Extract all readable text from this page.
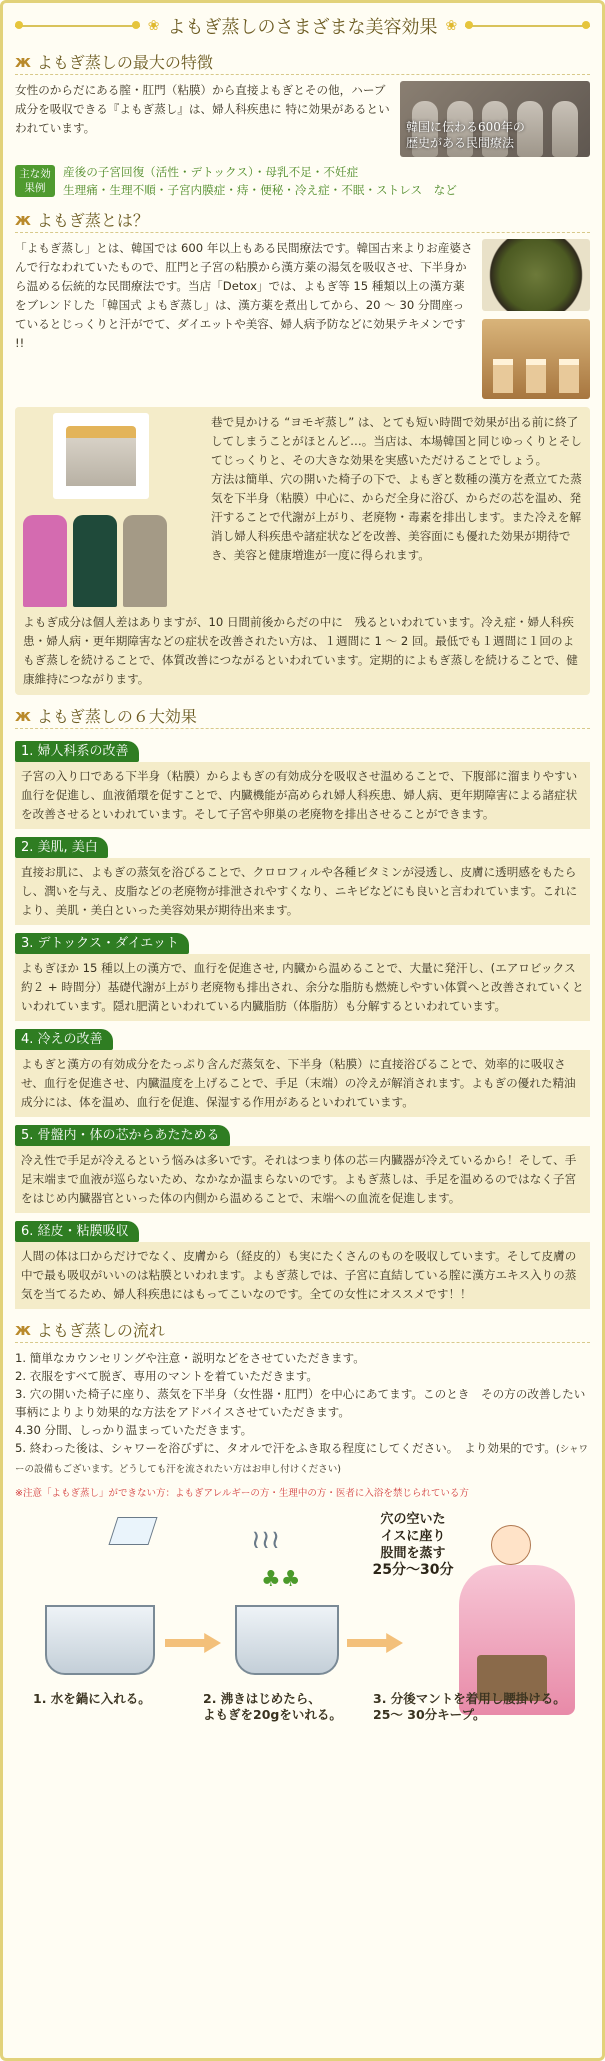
❀ よもぎ蒸しのさまざまな美容効果 ❀
ж よもぎ蒸しの最大の特徴
女性のからだにある膣・肛門（粘膜）から直接よもぎとその他，ハーブ成分を吸収できる『よもぎ蒸し』は、婦人科疾患に 特に効果があるといわれています。	韓国に伝わる600年の
歴史がある民間療法
主な効果例
産後の子宮回復（活性・デトックス）・母乳不足・不妊症
生理痛・生理不順・子宮内膜症・痔・便秘・冷え症・不眠・ストレス　など
ж よもぎ蒸とは？
「よもぎ蒸し」とは、韓国では 600 年以上もある民間療法です。韓国古来よりお産婆さんで行なわれていたもので、肛門と子宮の粘膜から漢方薬の湯気を吸収させ、下半身から温める伝統的な民間療法です。当店「Detox」では、よもぎ等 15 種類以上の漢方薬をブレンドした「韓国式 よもぎ蒸し」は、漢方薬を煮出してから、20 ～ 30 分間座っているとじっくりと汗がでて、ダイエットや美容、婦人病予防などに効果テキメンです !!
巷で見かける “ヨモギ蒸し” は、とても短い時間で効果が出る前に終了してしまうことがほとんど…。当店は、本場韓国と同じゆっくりとそしてじっくりと、その大きな効果を実感いただけることでしょう。
方法は簡単、穴の開いた椅子の下で、よもぎと数種の漢方を煮立てた蒸気を下半身（粘膜）中心に、からだ全身に浴び、からだの芯を温め、発汗することで代謝が上がり、老廃物・毒素を排出します。また冷えを解消し婦人科疾患や諸症状などを改善、美容面にも優れた効果が期待でき、美容と健康増進が一度に得られます。
よもぎ成分は個人差はありますが、10 日間前後からだの中に　残るといわれています。冷え症・婦人科疾患・婦人病・更年期障害などの症状を改善されたい方は、１週間に 1 ～ 2 回。最低でも１週間に１回のよもぎ蒸しを続けることで、体質改善につながるといわれています。定期的によもぎ蒸しを続けることで、健康維持につながります。
ж よもぎ蒸しの６大効果
1. 婦人科系の改善
子宮の入り口である下半身（粘膜）からよもぎの有効成分を吸収させ温めることで、下腹部に溜まりやすい血行を促進し、血液循環を促すことで、内臓機能が高められ婦人科疾患、婦人病、更年期障害による諸症状を改善させるといわれています。そして子宮や卵巣の老廃物を排出させることができます。
2. 美肌, 美白
直接お肌に、よもぎの蒸気を浴びることで、クロロフィルや各種ビタミンが浸透し、皮膚に透明感をもたらし、潤いを与え、皮脂などの老廃物が排泄されやすくなり、ニキビなどにも良いと言われています。これにより、美肌・美白といった美容効果が期待出来ます。
3. デトックス・ダイエット
よもぎほか 15 種以上の漢方で、血行を促進させ, 内臓から温めることで、大量に発汗し、(エアロビックス約２ + 時間分）基礎代謝が上がり老廃物も排出され、余分な脂肪も燃焼しやすい体質へと改善されていくといわれています。隠れ肥満といわれている内臓脂肪（体脂肪）も分解するといわれています。
4. 冷えの改善
よもぎと漢方の有効成分をたっぷり含んだ蒸気を、下半身（粘膜）に直接浴びることで、効率的に吸収させ、血行を促進させ、内臓温度を上げることで、手足（末端）の冷えが解消されます。よもぎの優れた精油成分には、体を温め、血行を促進、保湿する作用があるといわれています。
5. 骨盤内・体の芯からあたためる
冷え性で手足が冷えるという悩みは多いです。それはつまり体の芯＝内臓器が冷えているから！そして、手足末端まで血液が巡らないため、なかなか温まらないのです。よもぎ蒸しは、手足を温めるのではなく子宮をはじめ内臓器官といった体の内側から温めることで、末端への血流を促進します。
6. 経皮・粘膜吸収
人間の体は口からだけでなく、皮膚から（経皮的）も実にたくさんのものを吸収しています。そして皮膚の中で最も吸収がいいのは粘膜といわれます。よもぎ蒸しでは、子宮に直結している膣に漢方エキス入りの蒸気を当てるため、婦人科疾患にはもってこいなのです。全ての女性にオススメです！！
ж よもぎ蒸しの流れ
1. 簡単なカウンセリングや注意・説明などをさせていただきます。
2. 衣服をすべて脱ぎ、専用のマントを着ていただきます。
3. 穴の開いた椅子に座り、蒸気を下半身（女性器・肛門）を中心にあてます。このとき　その方の改善したい事柄によりより効果的な方法をアドバイスさせていただきます。
4.30 分間、しっかり温まっていただきます。
5. 終わった後は、シャワーを浴びずに、タオルで汗をふき取る程度にしてください。　より効果的です。(シャワーの設備もございます。どうしても汗を流されたい方はお申し付けください)
※注意「よもぎ蒸し」ができない方：よもぎアレルギーの方・生理中の方・医者に入浴を禁じられている方
≀≀≀
♣♣
穴の空いた
イスに座り
股間を蒸す
25分〜30分
1. 水を鍋に入れる。	2. 沸きはじめたら、
よもぎを20gをいれる。
3. 分後マントを着用し腰掛ける。
25〜 30分キープ。
